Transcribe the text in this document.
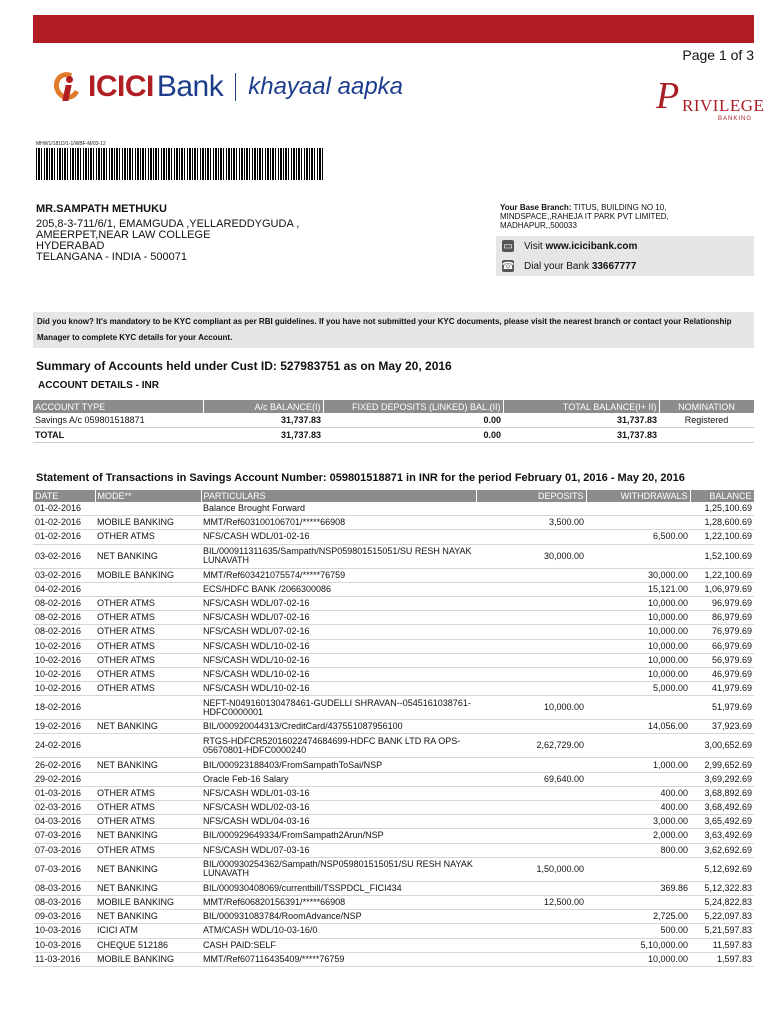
Page 1 of 3
ICICI Bank khayaal aapka	P RIVILEGE
BANKING
MHW1/181D/1-1/WBF-M/03-12
MR.SAMPATH METHUKU
205,8-3-711/6/1, EMAMGUDA ,YELLAREDDYGUDA ,
AMEERPET,NEAR LAW COLLEGE
HYDERABAD
TELANGANA - INDIA - 500071
Your Base Branch: TITUS, BUILDING NO 10,
MINDSPACE,,RAHEJA IT PARK PVT LIMITED,
MADHAPUR,,500033
▭ Visit
www.icicibank.com
☎ Dial your Bank
33667777
Did you know? It's mandatory to be KYC compliant as per RBI guidelines. If you have not submitted your KYC documents, please visit the nearest branch or contact your Relationship Manager to complete KYC details for your Account.
Summary of Accounts held under Cust ID: 527983751 as on May 20, 2016
ACCOUNT DETAILS - INR
ACCOUNT TYPE	A/c BALANCE(I)	FIXED DEPOSITS (LINKED) BAL.(II)	TOTAL BALANCE(I+ II)	NOMINATION
Savings A/c 059801518871	31,737.83	0.00	31,737.83	Registered
TOTAL	31,737.83	0.00	31,737.83	
Statement of Transactions in Savings Account Number: 059801518871 in INR for the period February 01, 2016 - May 20, 2016
DATE	MODE**	PARTICULARS	DEPOSITS	WITHDRAWALS	BALANCE
01-02-2016		Balance Brought Forward			1,25,100.69
01-02-2016	MOBILE BANKING	MMT/Ref603100106701/*****66908	3,500.00		1,28,600.69
01-02-2016	OTHER ATMS	NFS/CASH WDL/01-02-16		6,500.00	1,22,100.69
03-02-2016	NET BANKING	BIL/000911311635/Sampath/NSP059801515051/SU RESH NAYAK LUNAVATH	30,000.00		1,52,100.69
03-02-2016	MOBILE BANKING	MMT/Ref603421075574/*****76759		30,000.00	1,22,100.69
04-02-2016		ECS/HDFC BANK /2066300086		15,121.00	1,06,979.69
08-02-2016	OTHER ATMS	NFS/CASH WDL/07-02-16		10,000.00	96,979.69
08-02-2016	OTHER ATMS	NFS/CASH WDL/07-02-16		10,000.00	86,979.69
08-02-2016	OTHER ATMS	NFS/CASH WDL/07-02-16		10,000.00	76,979.69
10-02-2016	OTHER ATMS	NFS/CASH WDL/10-02-16		10,000.00	66,979.69
10-02-2016	OTHER ATMS	NFS/CASH WDL/10-02-16		10,000.00	56,979.69
10-02-2016	OTHER ATMS	NFS/CASH WDL/10-02-16		10,000.00	46,979.69
10-02-2016	OTHER ATMS	NFS/CASH WDL/10-02-16		5,000.00	41,979.69
18-02-2016		NEFT-N049160130478461-GUDELLI SHRAVAN--0545161038761-HDFC0000001	10,000.00		51,979.69
19-02-2016	NET BANKING	BIL/000920044313/CreditCard/437551087956100		14,056.00	37,923.69
24-02-2016		RTGS-HDFCR52016022474684699-HDFC BANK LTD RA OPS-05670801-HDFC0000240	2,62,729.00		3,00,652.69
26-02-2016	NET BANKING	BIL/000923188403/FromSampathToSai/NSP		1,000.00	2,99,652.69
29-02-2016		Oracle Feb-16 Salary	69,640.00		3,69,292.69
01-03-2016	OTHER ATMS	NFS/CASH WDL/01-03-16		400.00	3,68,892.69
02-03-2016	OTHER ATMS	NFS/CASH WDL/02-03-16		400.00	3,68,492.69
04-03-2016	OTHER ATMS	NFS/CASH WDL/04-03-16		3,000.00	3,65,492.69
07-03-2016	NET BANKING	BIL/000929649334/FromSampath2Arun/NSP		2,000.00	3,63,492.69
07-03-2016	OTHER ATMS	NFS/CASH WDL/07-03-16		800.00	3,62,692.69
07-03-2016	NET BANKING	BIL/000930254362/Sampath/NSP059801515051/SU RESH NAYAK LUNAVATH	1,50,000.00		5,12,692.69
08-03-2016	NET BANKING	BIL/000930408069/currentbill/TSSPDCL_FICI434		369.86	5,12,322.83
08-03-2016	MOBILE BANKING	MMT/Ref606820156391/*****66908	12,500.00		5,24,822.83
09-03-2016	NET BANKING	BIL/000931083784/RoomAdvance/NSP		2,725.00	5,22,097.83
10-03-2016	ICICI ATM	ATM/CASH WDL/10-03-16/0		500.00	5,21,597.83
10-03-2016	CHEQUE 512186	CASH PAID:SELF		5,10,000.00	11,597.83
11-03-2016	MOBILE BANKING	MMT/Ref607116435409/*****76759		10,000.00	1,597.83
